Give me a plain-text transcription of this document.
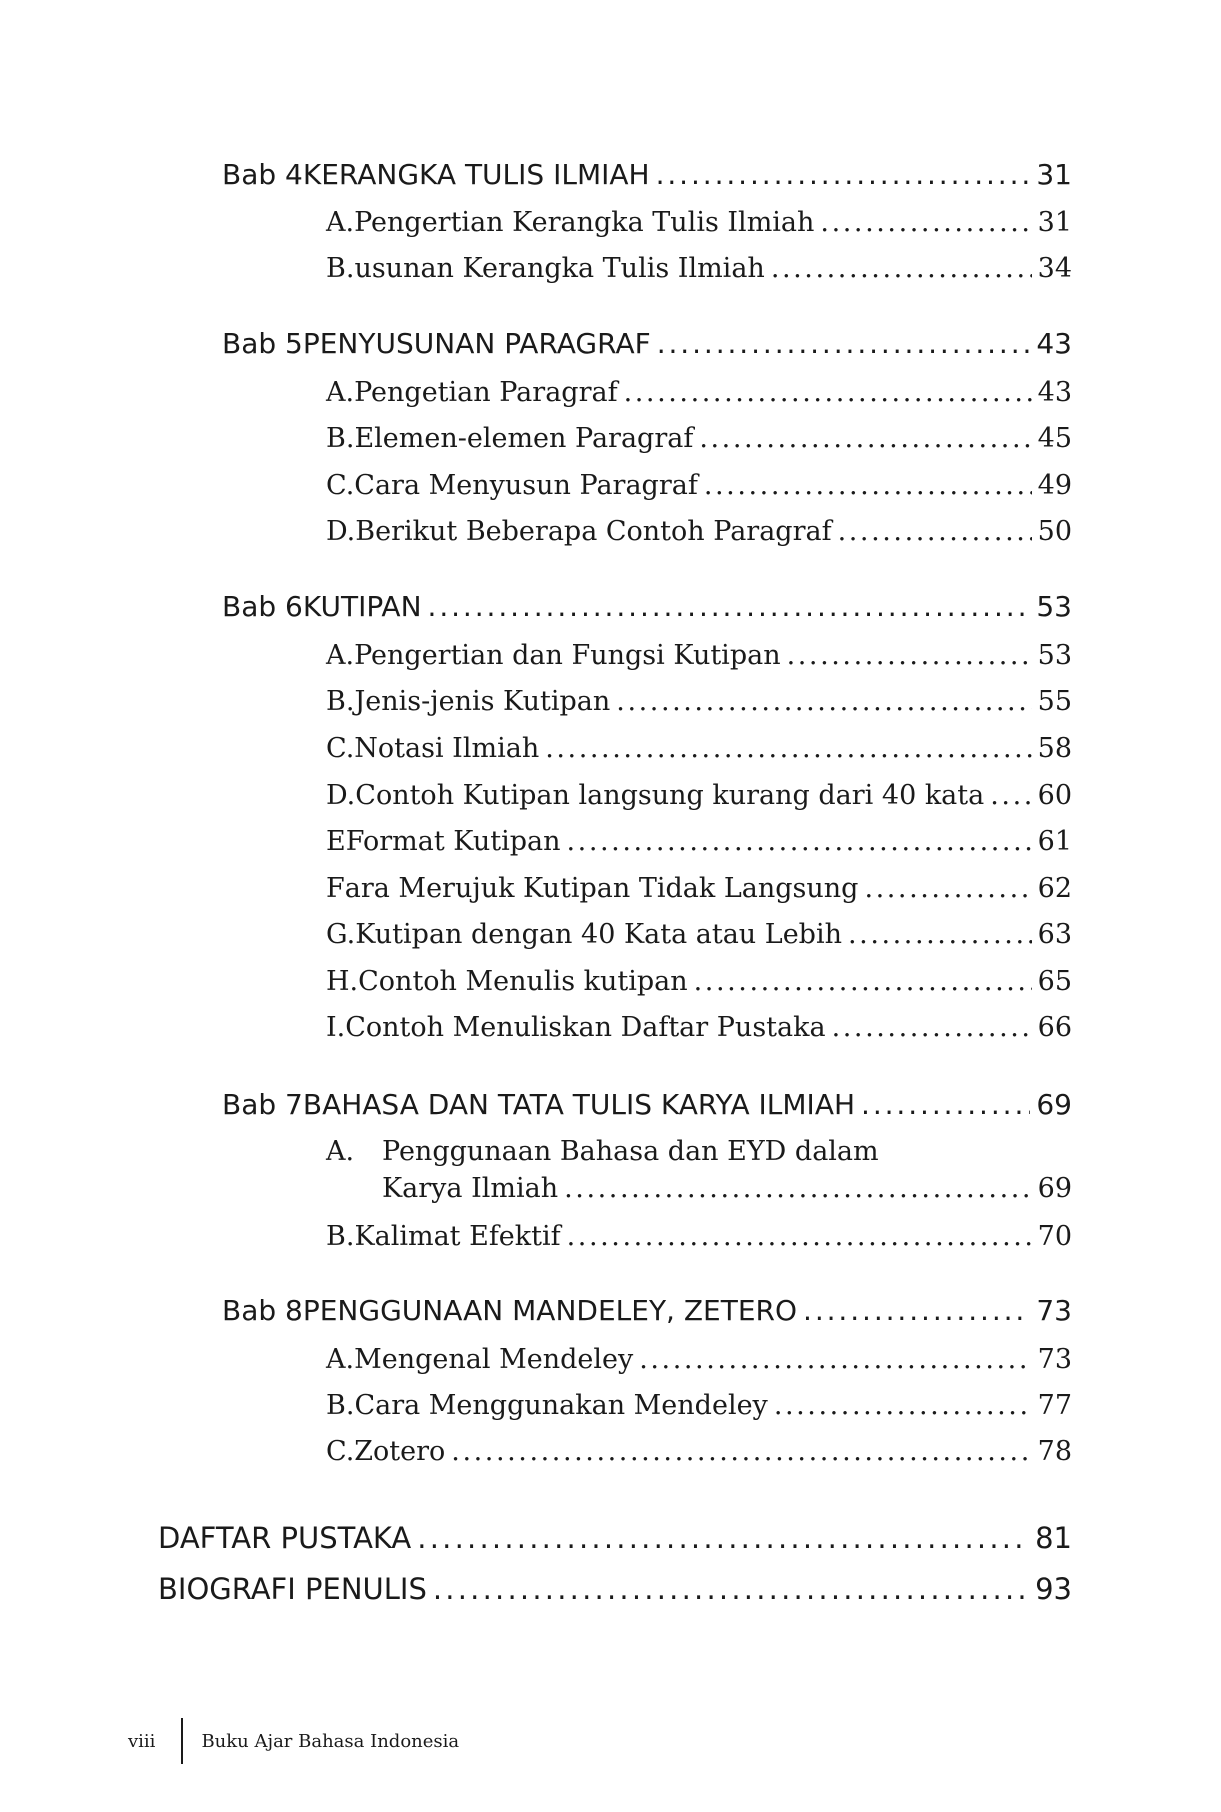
Bab 4 KERANGKA TULIS ILMIAH . . .	31
A. Pengertian Kerangka Tulis Ilmiah . . .	31
B. usunan Kerangka Tulis Ilmiah . . .	34
Bab 5 PENYUSUNAN PARAGRAF . . .	43
A. Pengetian Paragraf . . .	43
B. Elemen-elemen Paragraf . . .	45
C. Cara Menyusun Paragraf . . .	49
D. Berikut Beberapa Contoh Paragraf . . .	50
Bab 6 KUTIPAN . . .	53
A. Pengertian dan Fungsi Kutipan . . .	53
B. Jenis-jenis Kutipan . . .	55
C. Notasi Ilmiah . . .	58
D. Contoh Kutipan langsung kurang dari 40 kata . . . 60
E Format Kutipan . . .	61
F ara Merujuk Kutipan Tidak Langsung . . .	62
G. Kutipan dengan 40 Kata atau Lebih . . .	63
H. Contoh Menulis kutipan . . .	65
I. Contoh Menuliskan Daftar Pustaka . . .	66
Bab 7 BAHASA DAN TATA TULIS KARYA ILMIAH . . .	69
A.	Penggunaan Bahasa dan EYD dalam
Karya Ilmiah . . .	69
B. Kalimat Efektif . . .	70
Bab 8 PENGGUNAAN MANDELEY, ZETERO . . .	73
A. Mengenal Mendeley . . .	73
B. Cara Menggunakan Mendeley . . .	77
C. Zotero . . .	78
DAFTAR PUSTAKA . . .	81
BIOGRAFI PENULIS . . .	93
viii	Buku Ajar Bahasa Indonesia
